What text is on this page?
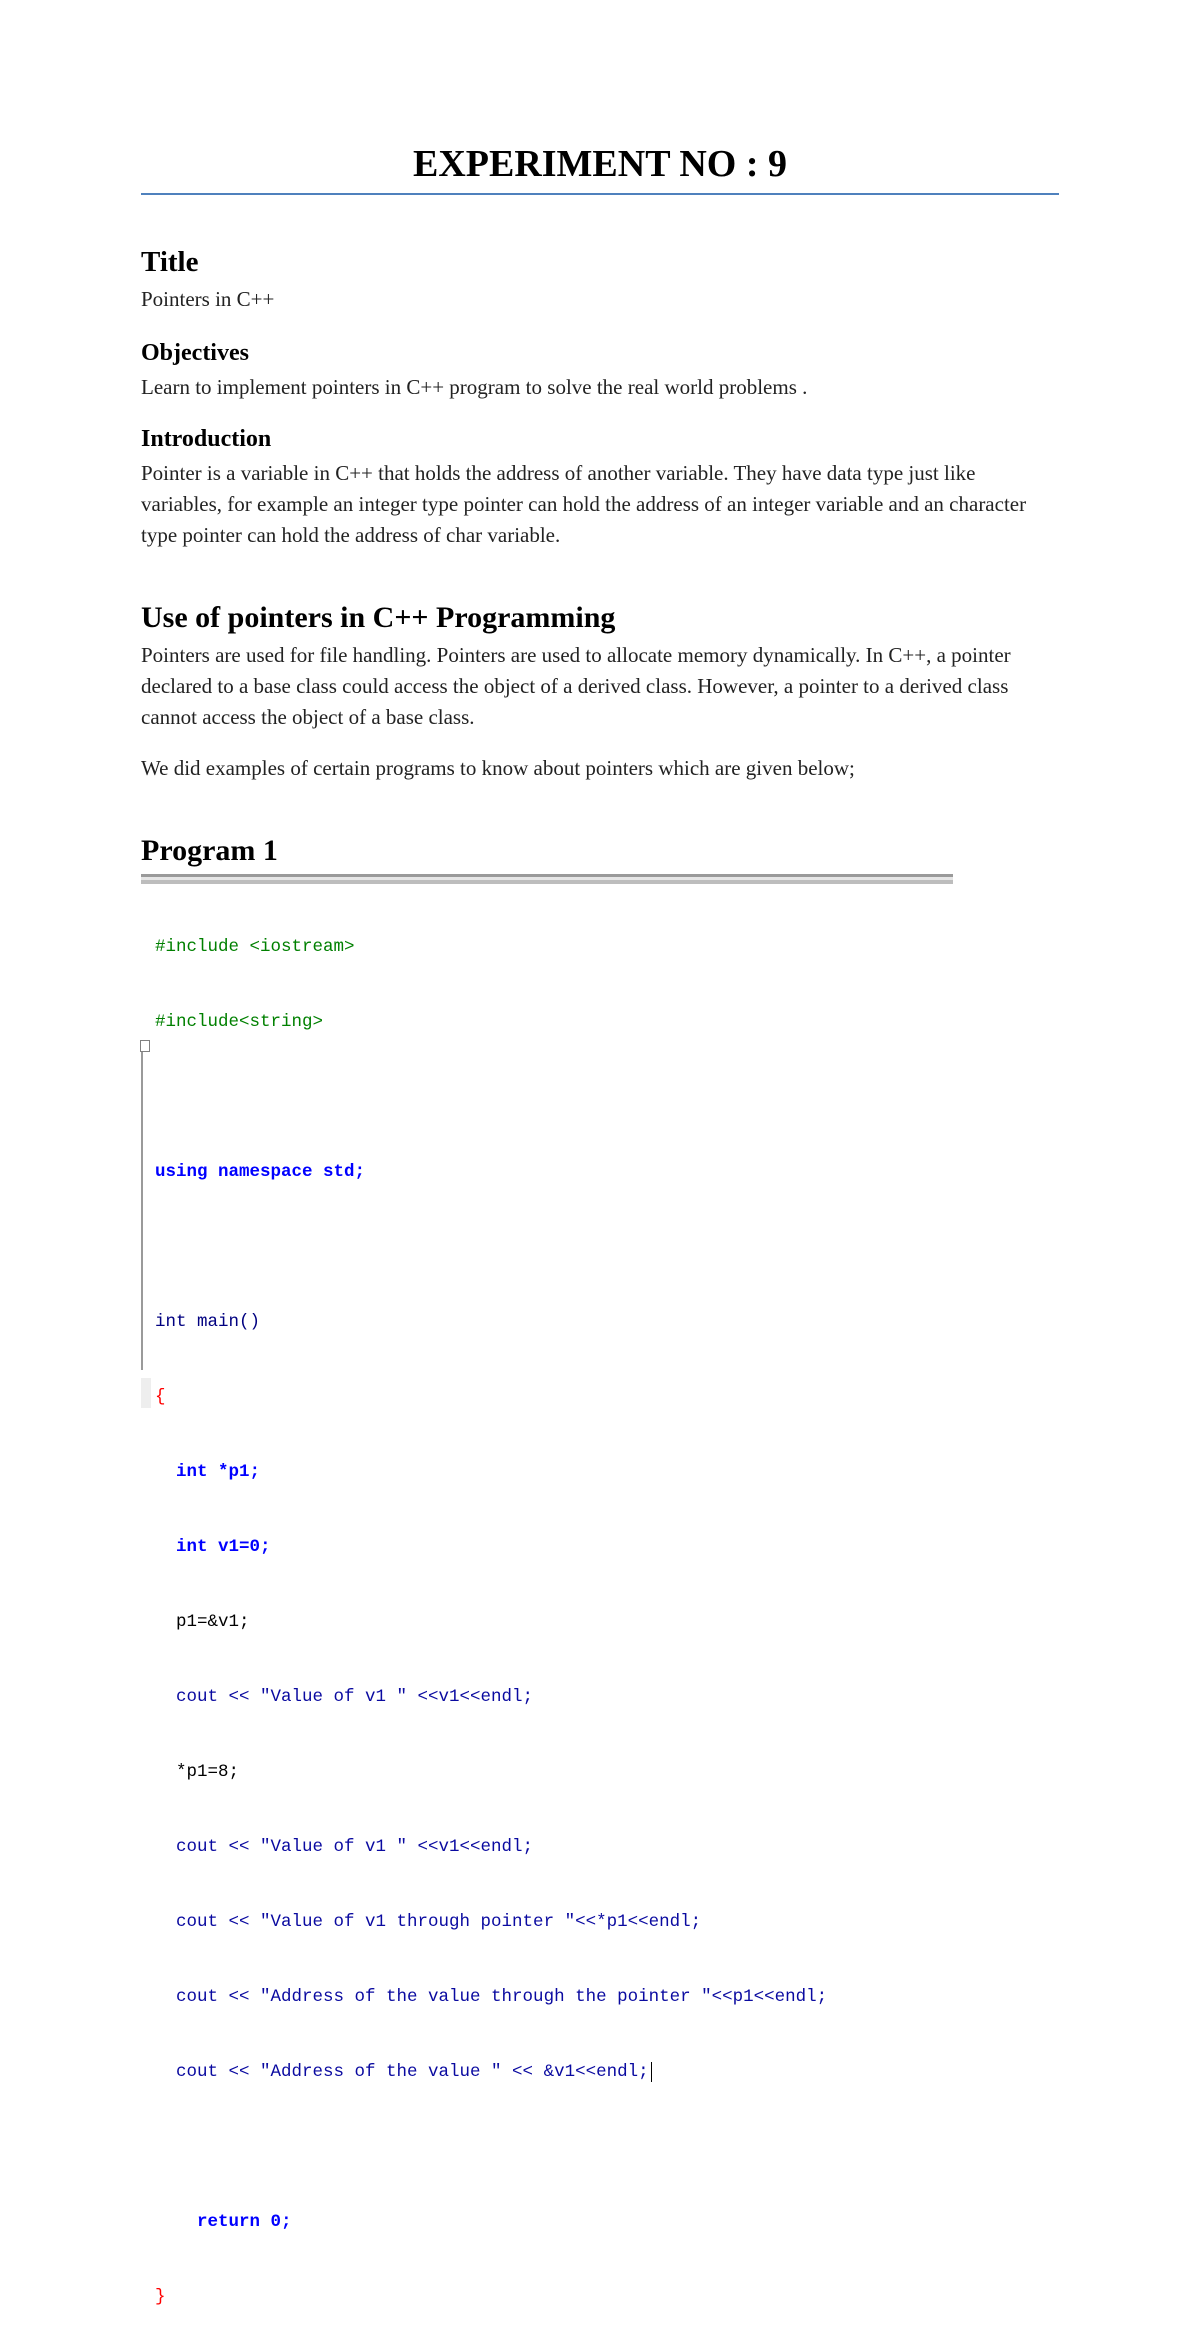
EXPERIMENT NO : 9
Title

Pointers in C++

Objectives

Learn to implement pointers in C++ program to solve the real world problems .

Introduction

Pointer is a variable in C++ that holds the address of another variable. They have data type just like variables, for example an integer type pointer can hold the address of an integer variable and an character type pointer can hold the address of char variable.

Use of pointers in C++ Programming

Pointers are used for file handling. Pointers are used to allocate memory dynamically. In C++, a pointer declared to a base class could access the object of a derived class. However, a pointer to a derived class cannot access the object of a base class.

We did examples of certain programs to know about pointers which are given below;

Program 1

#include <iostream>

#include<string>

using namespace std;

int main()

{

int *p1;

int v1=0;

p1=&v1;

cout << "Value of v1 " <<v1<<endl;

*p1=8;

cout << "Value of v1 " <<v1<<endl;

cout << "Value of v1 through pointer "<<*p1<<endl;

cout << "Address of the value through the pointer "<<p1<<endl;

cout << "Address of the value " << &v1<<endl;

return 0;

}
